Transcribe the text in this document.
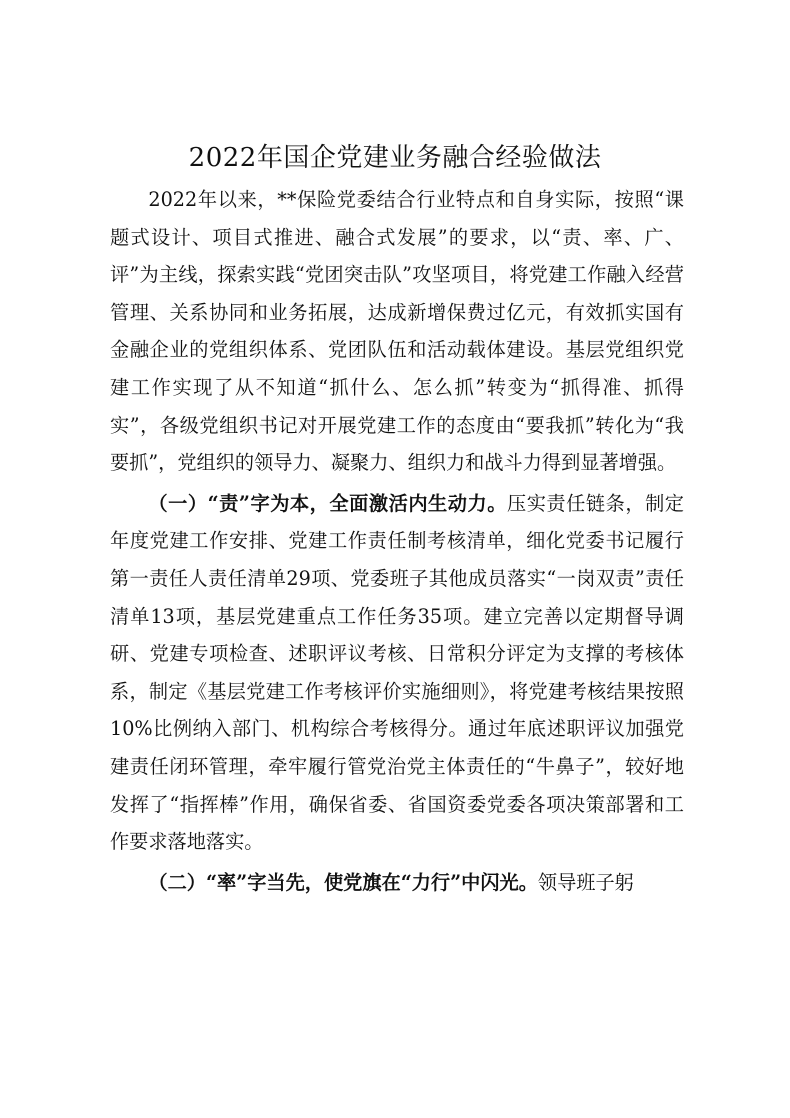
2022年国企党建业务融合经验做法

2022年以来，**保险党委结合行业特点和自身实际，按照“课题式设计、项目式推进、融合式发展”的要求，以“责、率、广、评”为主线，探索实践“党团突击队”攻坚项目，将党建工作融入经营管理、关系协同和业务拓展，达成新增保费过亿元，有效抓实国有金融企业的党组织体系、党团队伍和活动载体建设。基层党组织党建工作实现了从不知道“抓什么、怎么抓”转变为“抓得准、抓得实”，各级党组织书记对开展党建工作的态度由“要我抓”转化为“我要抓”，党组织的领导力、凝聚力、组织力和战斗力得到显著增强。

（一）“责”字为本，全面激活内生动力。压实责任链条，制定年度党建工作安排、党建工作责任制考核清单，细化党委书记履行第一责任人责任清单29项、党委班子其他成员落实“一岗双责”责任清单13项，基层党建重点工作任务35项。建立完善以定期督导调研、党建专项检查、述职评议考核、日常积分评定为支撑的考核体系，制定《基层党建工作考核评价实施细则》，将党建考核结果按照10%比例纳入部门、机构综合考核得分。通过年底述职评议加强党建责任闭环管理，牵牢履行管党治党主体责任的“牛鼻子”，较好地发挥了“指挥棒”作用，确保省委、省国资委党委各项决策部署和工作要求落地落实。

（二）“率”字当先，使党旗在“力行”中闪光。领导班子躬
